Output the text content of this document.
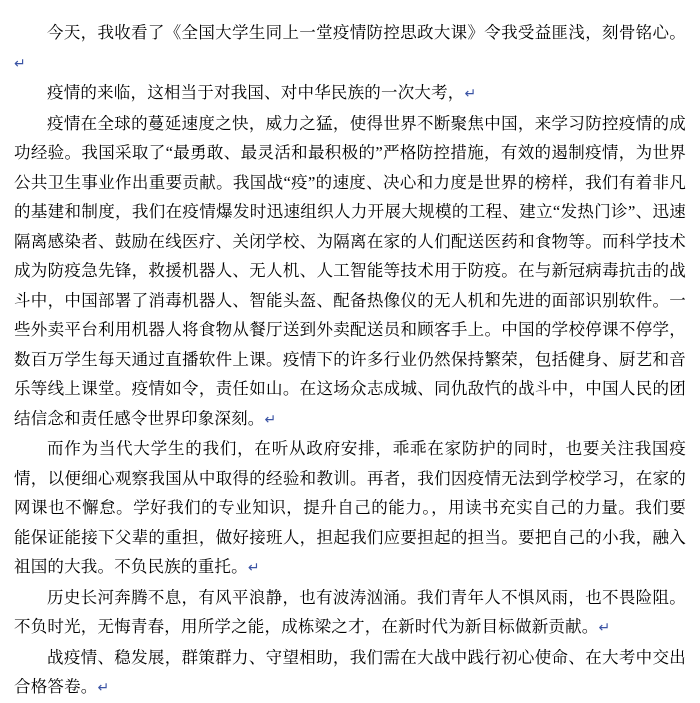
今天，我收看了《全国大学生同上一堂疫情防控思政大课》令我受益匪浅，刻骨铭心。↵

疫情的来临，这相当于对我国、对中华民族的一次大考，↵

疫情在全球的蔓延速度之快，威力之猛，使得世界不断聚焦中国，来学习防控疫情的成功经验。我国采取了“最勇敢、最灵活和最积极的”严格防控措施，有效的遏制疫情，为世界公共卫生事业作出重要贡献。我国战“疫”的速度、决心和力度是世界的榜样，我们有着非凡的基建和制度，我们在疫情爆发时迅速组织人力开展大规模的工程、建立“发热门诊”、迅速隔离感染者、鼓励在线医疗、关闭学校、为隔离在家的人们配送医药和食物等。而科学技术成为防疫急先锋，救援机器人、无人机、人工智能等技术用于防疫。在与新冠病毒抗击的战斗中，中国部署了消毒机器人、智能头盔、配备热像仪的无人机和先进的面部识别软件。一些外卖平台利用机器人将食物从餐厅送到外卖配送员和顾客手上。中国的学校停课不停学，数百万学生每天通过直播软件上课。疫情下的许多行业仍然保持繁荣，包括健身、厨艺和音乐等线上课堂。疫情如令，责任如山。在这场众志成城、同仇敌忾的战斗中，中国人民的团结信念和责任感令世界印象深刻。↵

而作为当代大学生的我们，在听从政府安排，乖乖在家防护的同时，也要关注我国疫情，以便细心观察我国从中取得的经验和教训。再者，我们因疫情无法到学校学习，在家的网课也不懈怠。学好我们的专业知识，提升自己的能力。，用读书充实自己的力量。我们要能保证能接下父辈的重担，做好接班人，担起我们应要担起的担当。要把自己的小我，融入祖国的大我。不负民族的重托。↵

历史长河奔腾不息，有风平浪静，也有波涛汹涌。我们青年人不惧风雨，也不畏险阻。不负时光，无悔青春，用所学之能，成栋梁之才，在新时代为新目标做新贡献。↵

战疫情、稳发展，群策群力、守望相助，我们需在大战中践行初心使命、在大考中交出合格答卷。↵
